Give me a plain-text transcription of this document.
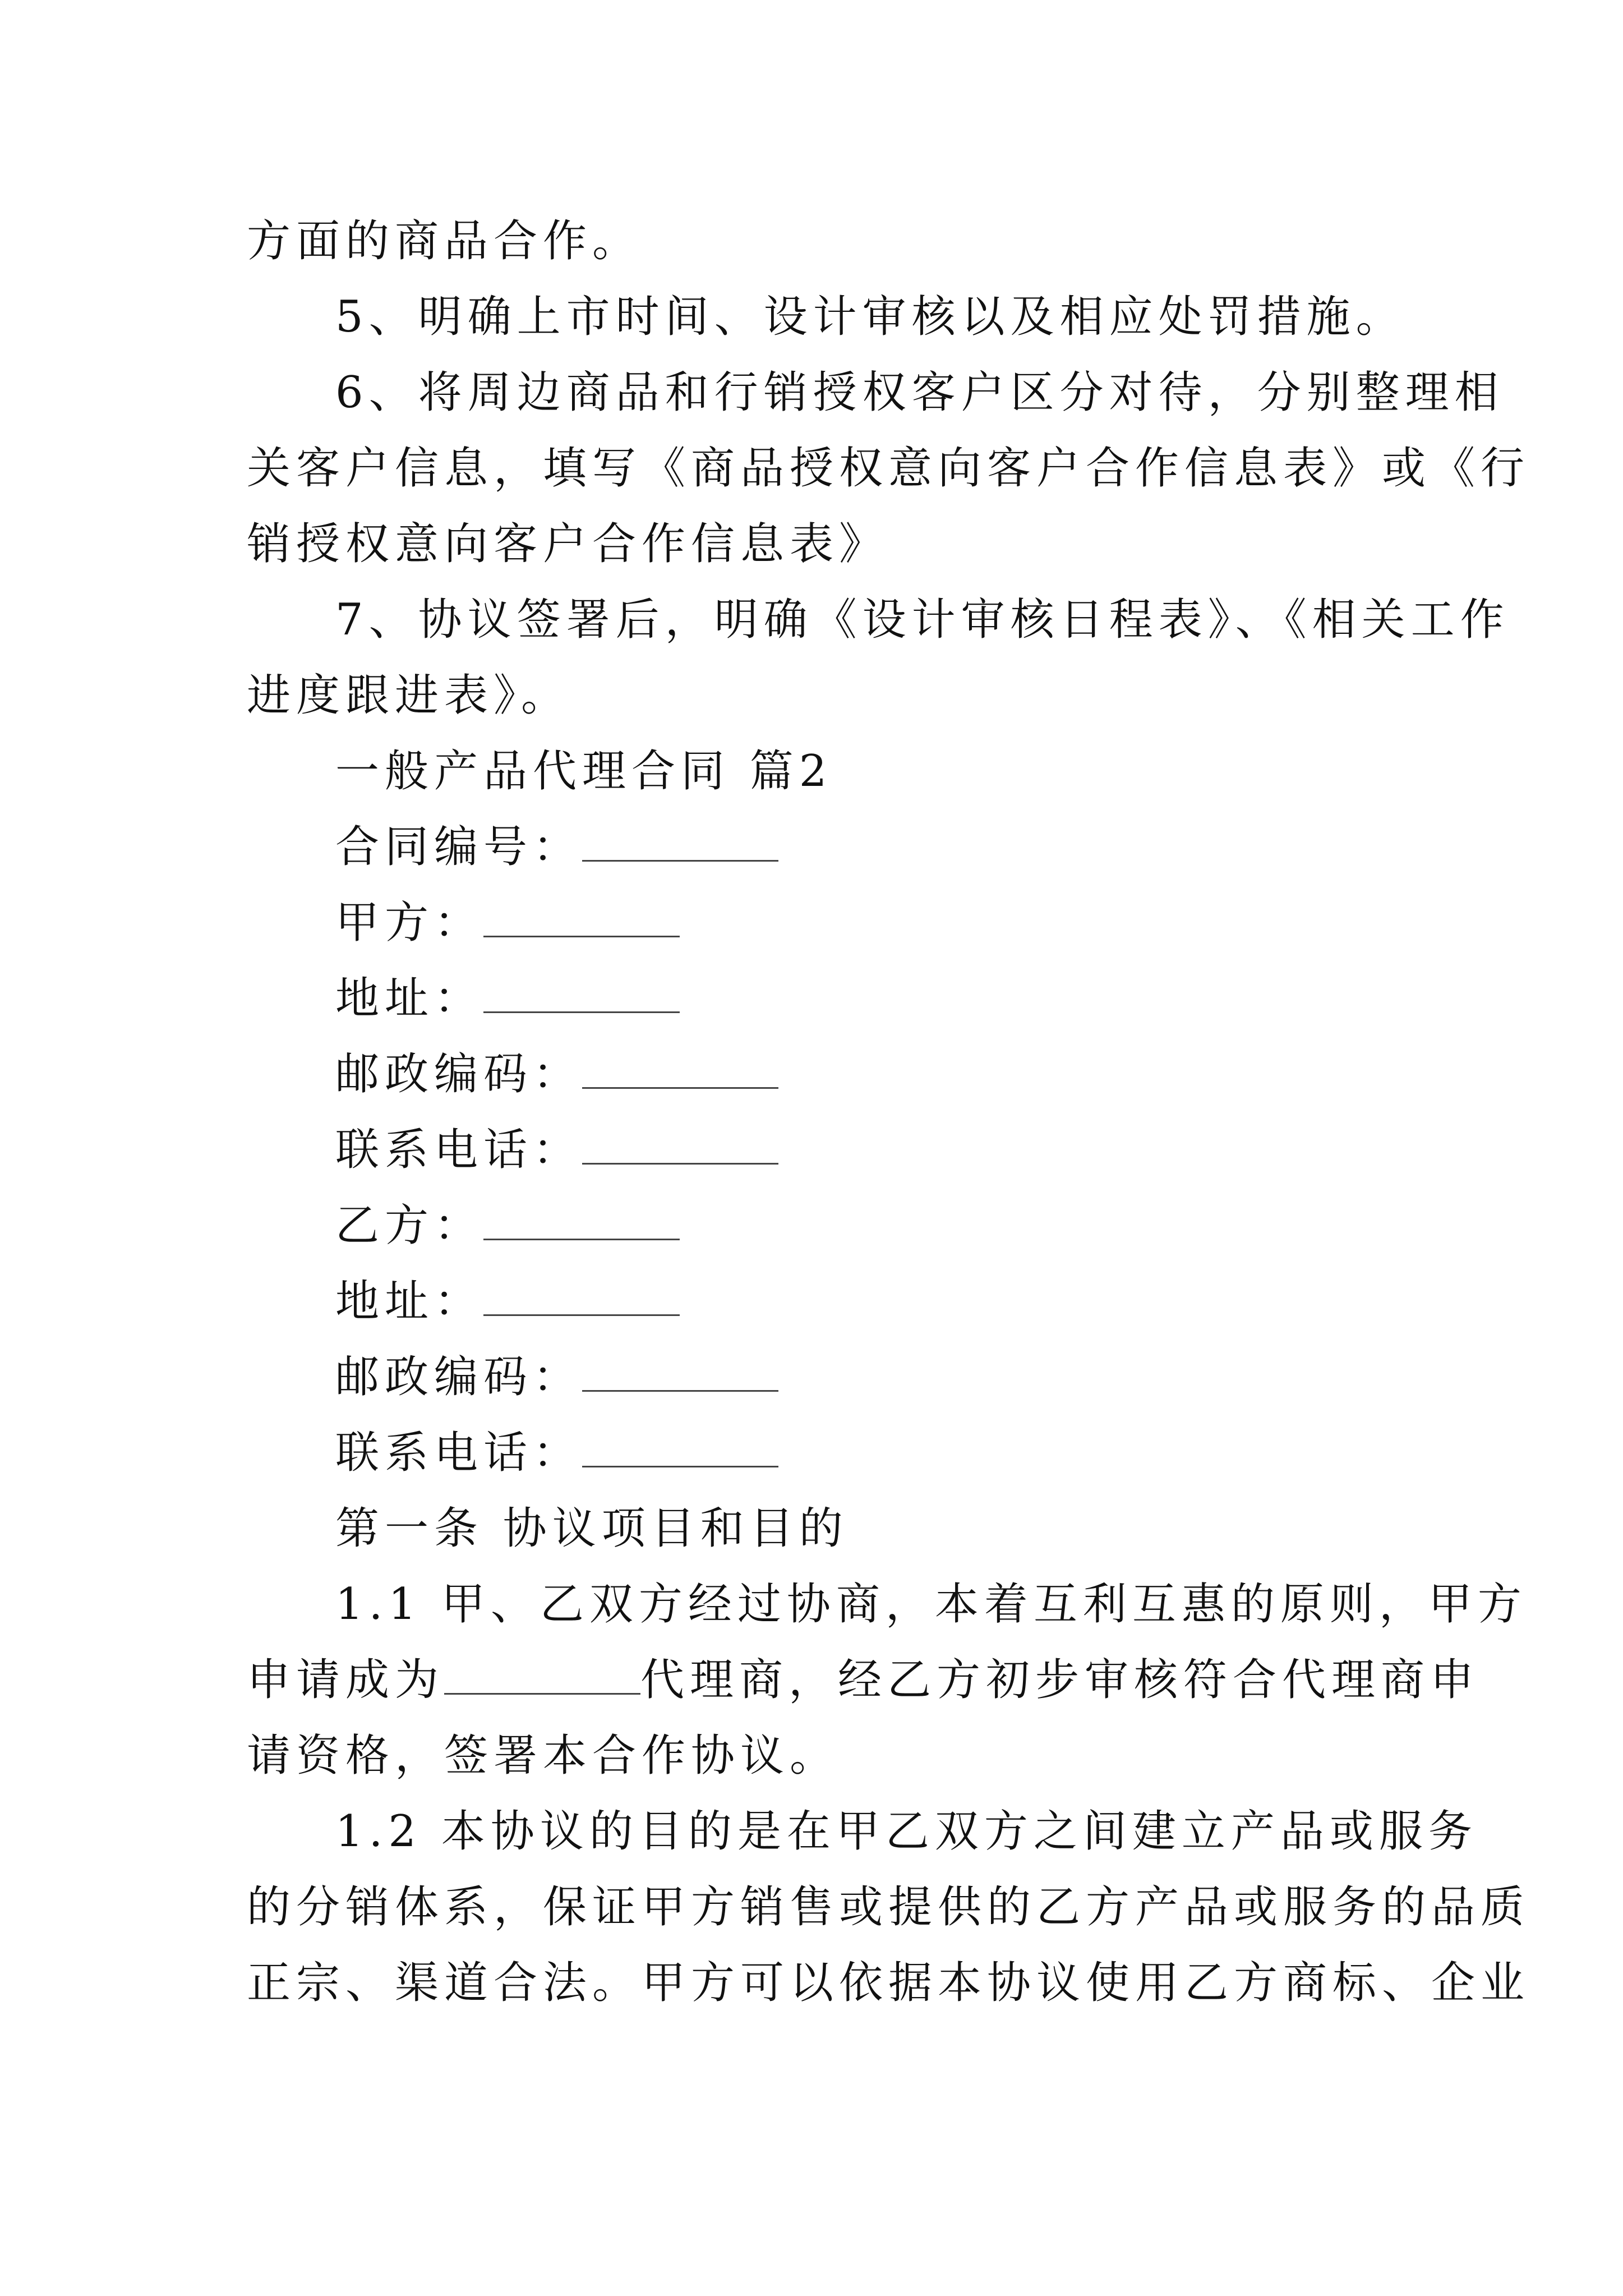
方面的商品合作。
5、明确上市时间、设计审核以及相应处罚措施。
6、将周边商品和行销授权客户区分对待，分别整理相
关客户信息，填写《商品授权意向客户合作信息表》或《行
销授权意向客户合作信息表》
7、协议签署后，明确《设计审核日程表》、《相关工作
进度跟进表》。
一般产品代理合同 篇2
合同编号：
甲方：
地址：
邮政编码：
联系电话：
乙方：
地址：
邮政编码：
联系电话：
第一条 协议项目和目的
1.1 甲、乙双方经过协商，本着互利互惠的原则，甲方
申请成为	代理商，经乙方初步审核符合代理商申
请资格，签署本合作协议。
1.2 本协议的目的是在甲乙双方之间建立产品或服务
的分销体系，保证甲方销售或提供的乙方产品或服务的品质
正宗、渠道合法。甲方可以依据本协议使用乙方商标、企业
